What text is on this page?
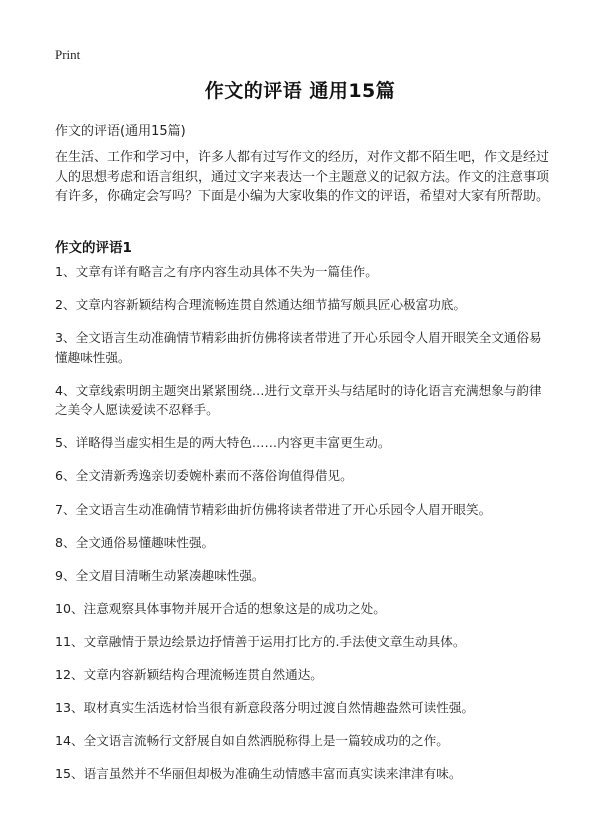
Print
作文的评语 通用15篇
作文的评语(通用15篇)
在生活、工作和学习中，许多人都有过写作文的经历，对作文都不陌生吧，作文是经过人的思想考虑和语言组织，通过文字来表达一个主题意义的记叙方法。作文的注意事项有许多，你确定会写吗？下面是小编为大家收集的作文的评语，希望对大家有所帮助。
作文的评语1
1、文章有详有略言之有序内容生动具体不失为一篇佳作。
2、文章内容新颖结构合理流畅连贯自然通达细节描写颇具匠心极富功底。
3、全文语言生动准确情节精彩曲折仿佛将读者带进了开心乐园令人眉开眼笑全文通俗易懂趣味性强。
4、文章线索明朗主题突出紧紧围绕…进行文章开头与结尾时的诗化语言充满想象与韵律之美令人愿读爱读不忍释手。
5、详略得当虚实相生是的两大特色……内容更丰富更生动。
6、全文清新秀逸亲切委婉朴素而不落俗询值得借见。
7、全文语言生动准确情节精彩曲折仿佛将读者带进了开心乐园令人眉开眼笑。
8、全文通俗易懂趣味性强。
9、全文眉目清晰生动紧凑趣味性强。
10、注意观察具体事物并展开合适的想象这是的成功之处。
11、文章融情于景边绘景边抒情善于运用打比方的.手法使文章生动具体。
12、文章内容新颖结构合理流畅连贯自然通达。
13、取材真实生活选材恰当很有新意段落分明过渡自然情趣盎然可读性强。
14、全文语言流畅行文舒展自如自然洒脱称得上是一篇较成功的之作。
15、语言虽然并不华丽但却极为准确生动情感丰富而真实读来津津有味。
